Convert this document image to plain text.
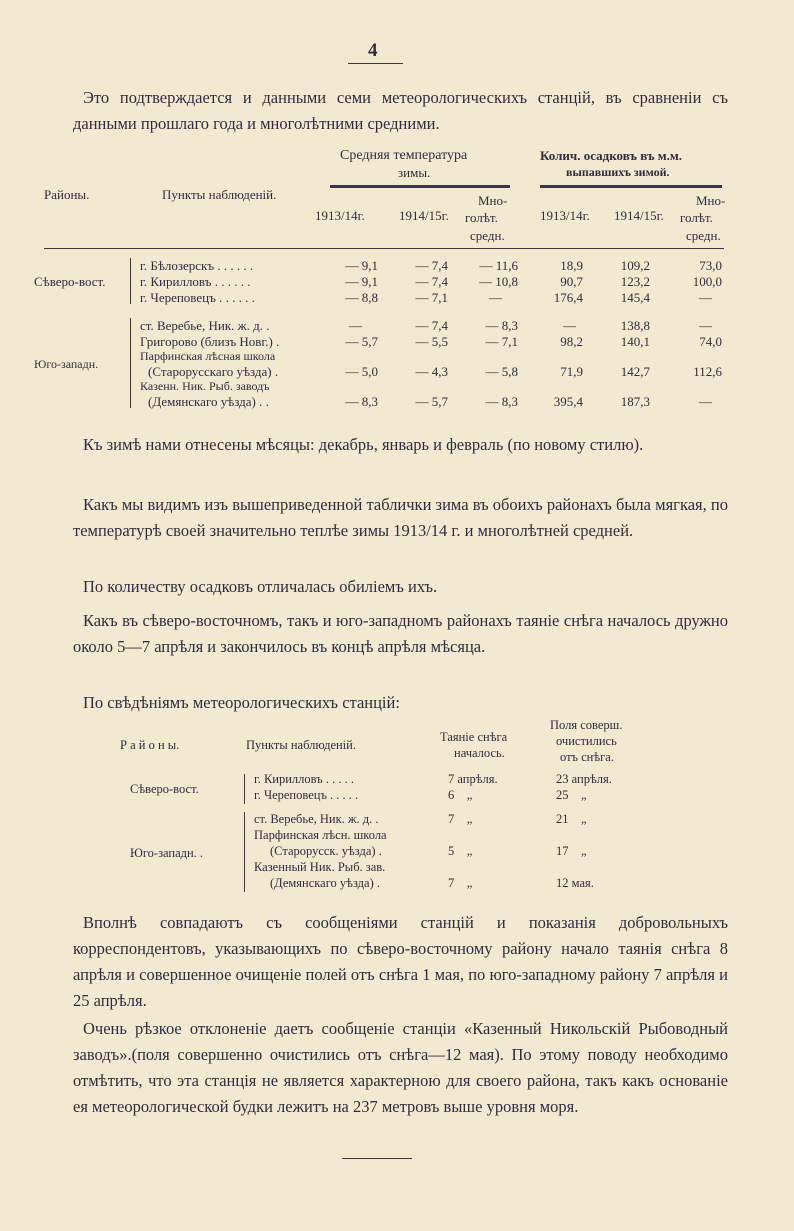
4
Это подтверждается и данными семи метеорологическихъ станцій, въ сравненіи съ данными прошлаго года и многолѣтними средними.
Средняя температура
зимы.
Колич. осадковъ въ м.м.
выпавшихъ зимой.
Районы.	Пункты наблюденій.
1913/14г.	1914/15г.
Мно-
голѣт.
средн.
1913/14г. 1914/15г.
Мно-
голѣт.
средн.
Сѣверо-вост.
Юго-западн.
г. Бѣлозерскъ . . . . . .	— 9,1	— 7,4 — 11,6	18,9	109,2	73,0
г. Кирилловъ . . . . . .	— 9,1	— 7,4 — 10,8	90,7	123,2	100,0
г. Череповецъ . . . . . .	— 8,8	— 7,1	—	176,4	145,4	—
ст. Веребье, Ник. ж. д. .	—	— 7,4	— 8,3	—	138,8	—
Григорово (близъ Новг.) .	— 5,7	— 5,5	— 7,1	98,2	140,1	74,0
Парфинская лѣсная школа
(Старорусскаго уѣзда) .	— 5,0	— 4,3	— 5,8	71,9	142,7	112,6
Казенн. Ник. Рыб. заводъ
(Демянскаго уѣзда) . .	— 8,3	— 5,7	— 8,3	395,4	187,3	—
Къ зимѣ нами отнесены мѣсяцы: декабрь, январь и февраль (по новому стилю).
Какъ мы видимъ изъ вышеприведенной таблички зима въ обоихъ районахъ была мягкая, по температурѣ своей значительно теплѣе зимы 1913/14 г. и многолѣтней средней.
По количеству осадковъ отличалась обиліемъ ихъ.
Какъ въ сѣверо-восточномъ, такъ и юго-западномъ районахъ таяніе снѣга началось дружно около 5—7 апрѣля и закончилось въ концѣ апрѣля мѣсяца.
По свѣдѣніямъ метеорологическихъ станцій:
Р а й о н ы.	Пункты наблюденій.
Таяніе снѣга
началось.
Поля соверш.
очистились
отъ снѣга.
Сѣверо-вост.
Юго-западн. .
г. Кирилловъ . . . . .	7 апрѣля.	23 апрѣля.
г. Череповецъ . . . . .	6    „	25    „
ст. Веребье, Ник. ж. д. .	7    „	21    „
Парфинская лѣсн. школа
(Старорусск. уѣзда) .	5    „	17    „
Казенный Ник. Рыб. зав.
(Демянскаго уѣзда) .	7    „	12 мая.
Вполнѣ совпадаютъ съ сообщеніями станцій и показанія добровольныхъ корреспондентовъ, указывающихъ по сѣверо-восточному району начало таянія снѣга 8 апрѣля и совершенное очищеніе полей отъ снѣга 1 мая, по юго-западному району 7 апрѣля и 25 апрѣля.
Очень рѣзкое отклоненіе даетъ сообщеніе станціи «Казенный Никольскій Рыбоводный заводъ».(поля совершенно очистились отъ снѣга—12 мая). По этому поводу необходимо отмѣтить, что эта станція не является характерною для своего района, такъ какъ основаніе ея метеорологической будки лежитъ на 237 метровъ выше уровня моря.
